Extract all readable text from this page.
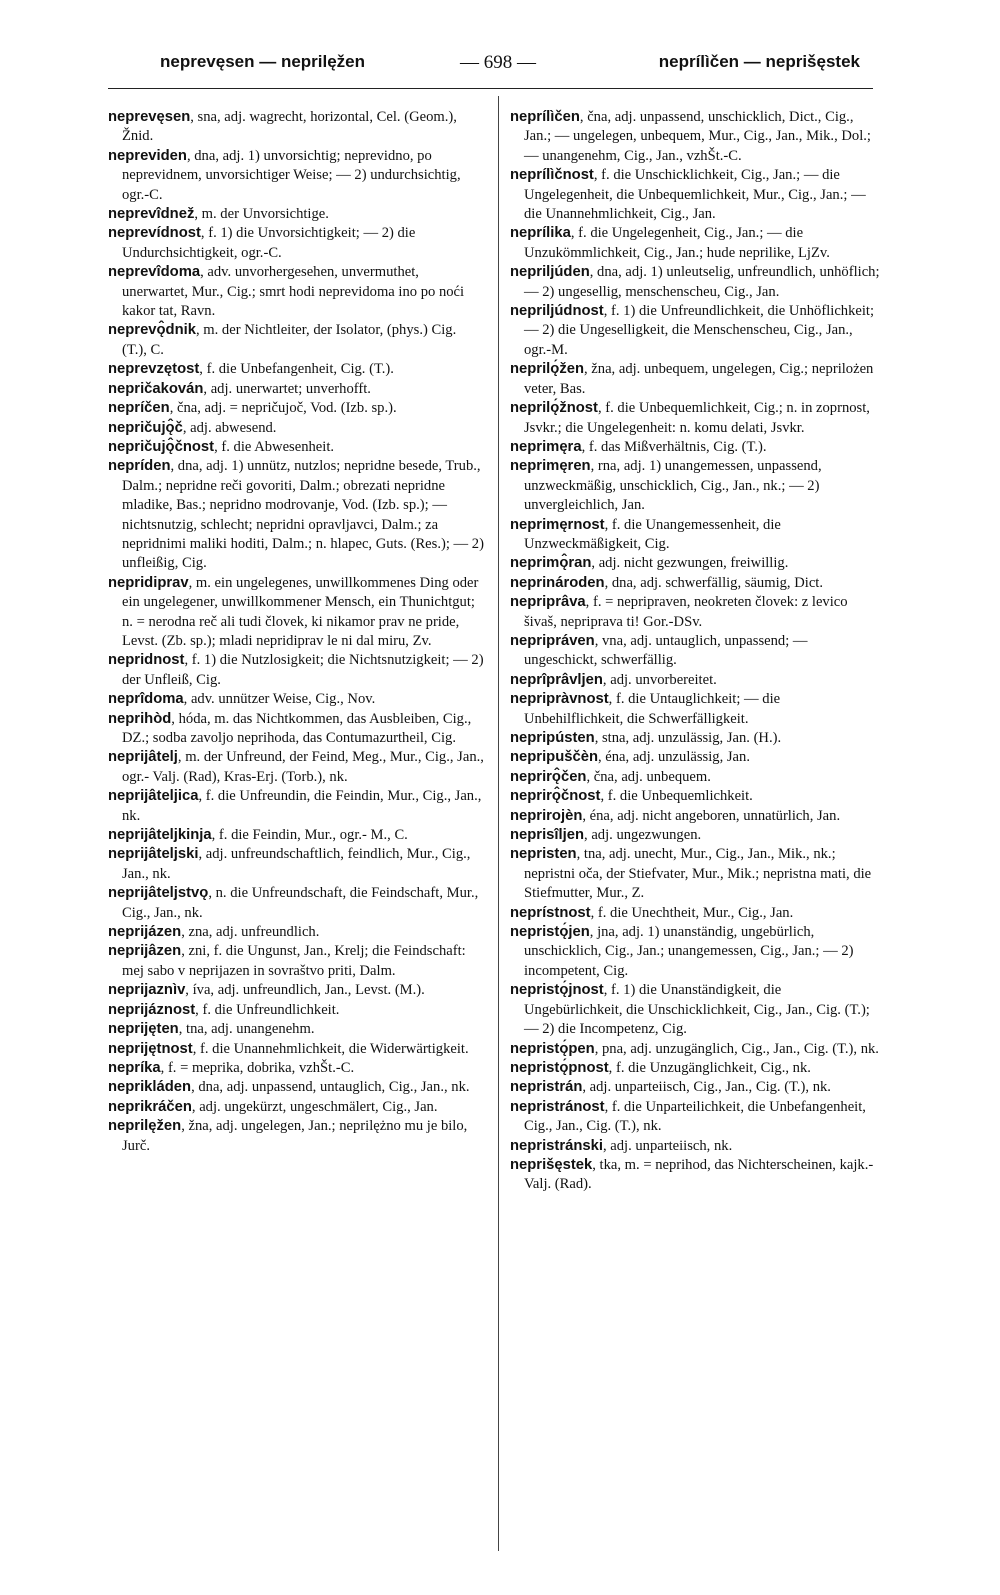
neprevęsen — neprilęžen	— 698 —	neprílìčen — neprišęstek

neprevęsen, sna, adj. wagrecht, horizontal, Cel. (Geom.), Žnid.

nepreviden, dna, adj. 1) unvorsichtig; neprevidno, po neprevidnem, unvorsichtiger Weise; — 2) undurchsichtig, ogr.-C.

neprevîdnež, m. der Unvorsichtige.

neprevídnost, f. 1) die Unvorsichtigkeit; — 2) die Undurchsichtigkeit, ogr.-C.

neprevîdoma, adv. unvorhergesehen, unvermuthet, unerwartet, Mur., Cig.; smrt hodi neprevidoma ino po noći kakor tat, Ravn.

neprevǫ̂dnik, m. der Nichtleiter, der Isolator, (phys.) Cig. (T.), C.

neprevzętost, f. die Unbefangenheit, Cig. (T.).

nepričakován, adj. unerwartet; unverhofft.

nepríčen, čna, adj. = nepričujoč, Vod. (Izb. sp.).

nepričujǫ̂č, adj. abwesend.

nepričujǫ̂čnost, f. die Abwesenheit.

nepríden, dna, adj. 1) unnütz, nutzlos; nepridne besede, Trub., Dalm.; nepridne reči govoriti, Dalm.; obrezati nepridne mladike, Bas.; nepridno modrovanje, Vod. (Izb. sp.); — nichtsnutzig, schlecht; nepridni opravljavci, Dalm.; za nepridnimi maliki hoditi, Dalm.; n. hlapec, Guts. (Res.); — 2) unfleißig, Cig.

nepridiprav, m. ein ungelegenes, unwillkommenes Ding oder ein ungelegener, unwillkommener Mensch, ein Thunichtgut; n. = nerodna reč ali tudi človek, ki nikamor prav ne pride, Levst. (Zb. sp.); mladi nepridiprav le ni dal miru, Zv.

nepridnost, f. 1) die Nutzlosigkeit; die Nichtsnutzigkeit; — 2) der Unfleiß, Cig.

neprîdoma, adv. unnützer Weise, Cig., Nov.

neprihòd, hóda, m. das Nichtkommen, das Ausbleiben, Cig., DZ.; sodba zavoljo neprihoda, das Contumazurtheil, Cig.

neprijâtelj, m. der Unfreund, der Feind, Meg., Mur., Cig., Jan., ogr.- Valj. (Rad), Kras-Erj. (Torb.), nk.

neprijâteljica, f. die Unfreundin, die Feindin, Mur., Cig., Jan., nk.

neprijâteljkinja, f. die Feindin, Mur., ogr.- M., C.

neprijâteljski, adj. unfreundschaftlich, feindlich, Mur., Cig., Jan., nk.

neprijâteljstvǫ, n. die Unfreundschaft, die Feindschaft, Mur., Cig., Jan., nk.

neprijázen, zna, adj. unfreundlich.

neprijâzen, zni, f. die Ungunst, Jan., Krelj; die Feindschaft: mej sabo v neprijazen in sovraštvo priti, Dalm.

neprijaznìv, íva, adj. unfreundlich, Jan., Levst. (M.).

neprijáznost, f. die Unfreundlichkeit.

neprijęten, tna, adj. unangenehm.

neprijętnost, f. die Unannehmlichkeit, die Widerwärtigkeit.

nepríka, f. = meprika, dobrika, vzhŠt.-C.

neprikláden, dna, adj. unpassend, untauglich, Cig., Jan., nk.

neprikráčen, adj. ungekürzt, ungeschmälert, Cig., Jan.

neprilęžen, žna, adj. ungelegen, Jan.; neprilężno mu je bilo, Jurč.

neprílìčen, čna, adj. unpassend, unschicklich, Dict., Cig., Jan.; — ungelegen, unbequem, Mur., Cig., Jan., Mik., Dol.; — unangenehm, Cig., Jan., vzhŠt.-C.

neprílìčnost, f. die Unschicklichkeit, Cig., Jan.; — die Ungelegenheit, die Unbequemlichkeit, Mur., Cig., Jan.; — die Unannehmlichkeit, Cig., Jan.

neprílika, f. die Ungelegenheit, Cig., Jan.; — die Unzukömmlichkeit, Cig., Jan.; hude neprilike, LjZv.

nepriljúden, dna, adj. 1) unleutselig, unfreundlich, unhöflich; — 2) ungesellig, menschenscheu, Cig., Jan.

nepriljúdnost, f. 1) die Unfreundlichkeit, die Unhöflichkeit; — 2) die Ungeselligkeit, die Menschenscheu, Cig., Jan., ogr.-M.

neprilǫ́žen, žna, adj. unbequem, ungelegen, Cig.; neprilożen veter, Bas.

neprilǫ́žnost, f. die Unbequemlichkeit, Cig.; n. in zoprnost, Jsvkr.; die Ungelegenheit: n. komu delati, Jsvkr.

neprimęra, f. das Mißverhältnis, Cig. (T.).

neprimęren, rna, adj. 1) unangemessen, unpassend, unzweckmäßig, unschicklich, Cig., Jan., nk.; — 2) unvergleichlich, Jan.

neprimęrnost, f. die Unangemessenheit, die Unzweckmäßigkeit, Cig.

neprimǫ̂ran, adj. nicht gezwungen, freiwillig.

neprinároden, dna, adj. schwerfällig, säumig, Dict.

nepriprâva, f. = nepripraven, neokreten človek: z levico šivaš, nepriprava ti! Gor.-DSv.

nepripráven, vna, adj. untauglich, unpassend; — ungeschickt, schwerfällig.

neprîprâvljen, adj. unvorbereitet.

nepripràvnost, f. die Untauglichkeit; — die Unbehilflichkeit, die Schwerfälligkeit.

nepripústen, stna, adj. unzulässig, Jan. (H.).

nepripuščèn, éna, adj. unzulässig, Jan.

neprirǫ̂čen, čna, adj. unbequem.

neprirǫ̂čnost, f. die Unbequemlichkeit.

neprirojèn, éna, adj. nicht angeboren, unnatürlich, Jan.

neprisîljen, adj. ungezwungen.

nepristen, tna, adj. unecht, Mur., Cig., Jan., Mik., nk.; nepristni oča, der Stiefvater, Mur., Mik.; nepristna mati, die Stiefmutter, Mur., Z.

neprístnost, f. die Unechtheit, Mur., Cig., Jan.

nepristǫ́jen, jna, adj. 1) unanständig, ungebürlich, unschicklich, Cig., Jan.; unangemessen, Cig., Jan.; — 2) incompetent, Cig.

nepristǫ́jnost, f. 1) die Unanständigkeit, die Ungebürlichkeit, die Unschicklichkeit, Cig., Jan., Cig. (T.); — 2) die Incompetenz, Cig.

nepristǫ́pen, pna, adj. unzugänglich, Cig., Jan., Cig. (T.), nk.

nepristǫ́pnost, f. die Unzugänglichkeit, Cig., nk.

nepristrán, adj. unparteiisch, Cig., Jan., Cig. (T.), nk.

nepristránost, f. die Unparteilichkeit, die Unbefangenheit, Cig., Jan., Cig. (T.), nk.

nepristránski, adj. unparteiisch, nk.

neprišęstek, tka, m. = neprihod, das Nichterscheinen, kajk.- Valj. (Rad).
